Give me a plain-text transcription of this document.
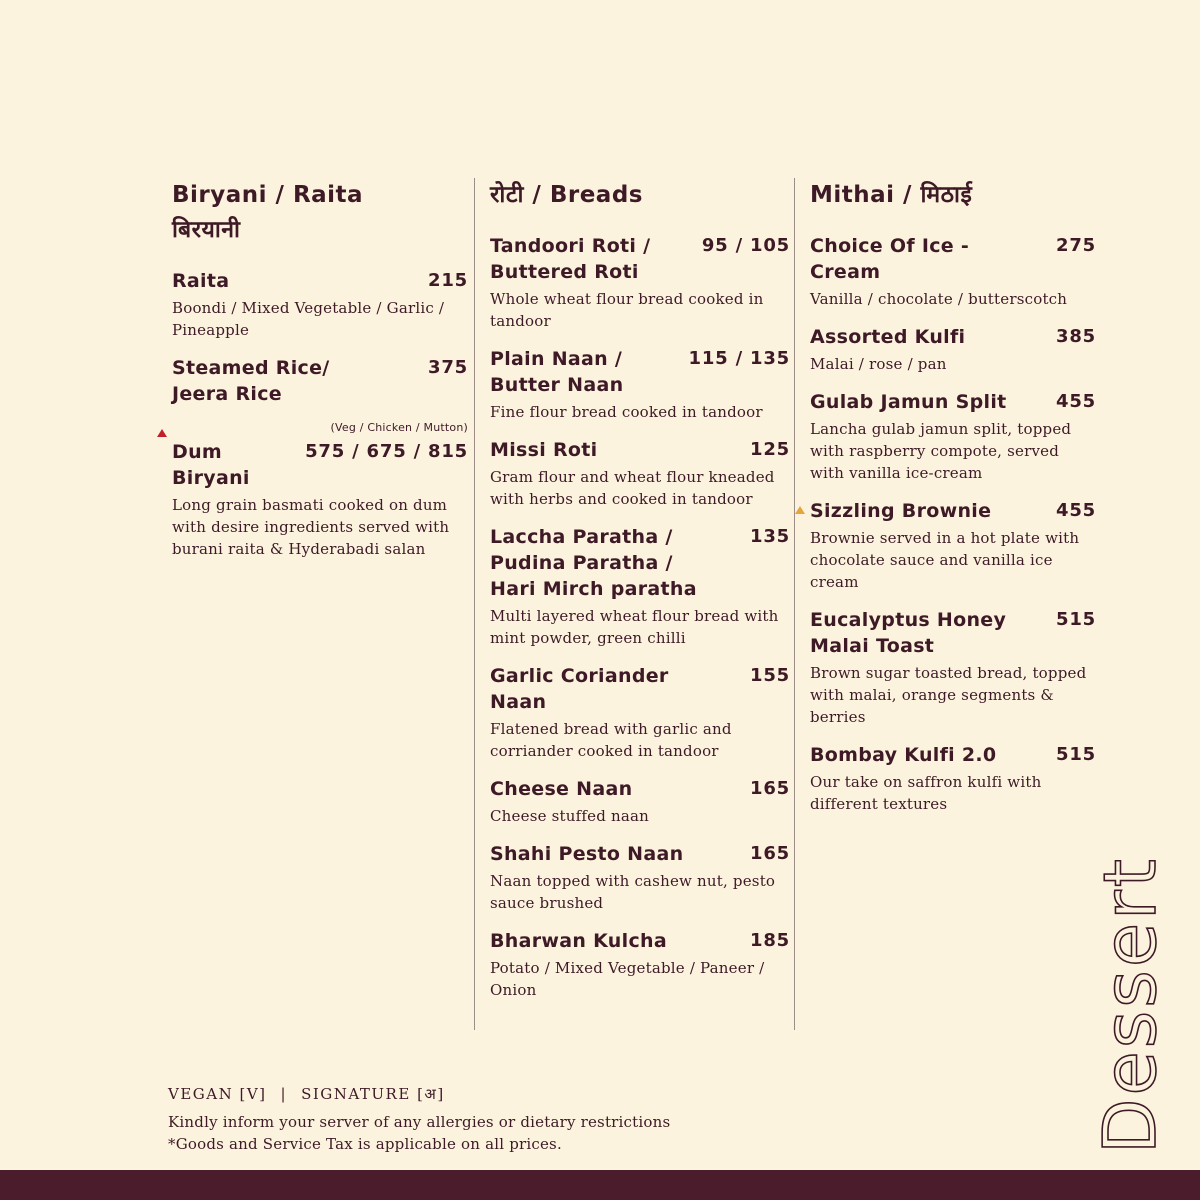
Biryani / Raita
बिरयानी
Raita	215
Boondi / Mixed Vegetable / Garlic / Pineapple
Steamed Rice/
Jeera Rice
375
(Veg / Chicken / Mutton)
Dum Biryani
575 / 675 / 815
Long grain basmati cooked on dum with desire ingredients served with burani raita & Hyderabadi salan
रोटी / Breads
Tandoori Roti /
Buttered Roti
95 / 105
Whole wheat flour bread cooked in tandoor
Plain Naan /
Butter Naan
115 / 135
Fine flour bread cooked in tandoor
Missi Roti	125
Gram flour and wheat flour kneaded with herbs and cooked in tandoor
Laccha Paratha /
Pudina Paratha /
Hari Mirch paratha
135
Multi layered wheat flour bread with mint powder, green chilli
Garlic Coriander
Naan
155
Flatened bread with garlic and corriander cooked in tandoor
Cheese Naan	165
Cheese stuffed naan
Shahi Pesto Naan	165
Naan topped with cashew nut, pesto sauce brushed
Bharwan Kulcha	185
Potato / Mixed Vegetable / Paneer / Onion
Mithai / मिठाई
Choice Of Ice -
Cream
275
Vanilla / chocolate / butterscotch
Assorted Kulfi	385
Malai / rose / pan
Gulab Jamun Split	455
Lancha gulab jamun split, topped with raspberry compote, served with vanilla ice-cream
Sizzling Brownie	455
Brownie served in a hot plate with chocolate sauce and vanilla ice cream
Eucalyptus Honey
Malai Toast
515
Brown sugar toasted bread, topped with malai, orange segments & berries
Bombay Kulfi 2.0	515
Our take on saffron kulfi with different textures
VEGAN [V] | SIGNATURE [अ]
Kindly inform your server of any allergies or dietary restrictions
*Goods and Service Tax is applicable on all prices.	Dessert
